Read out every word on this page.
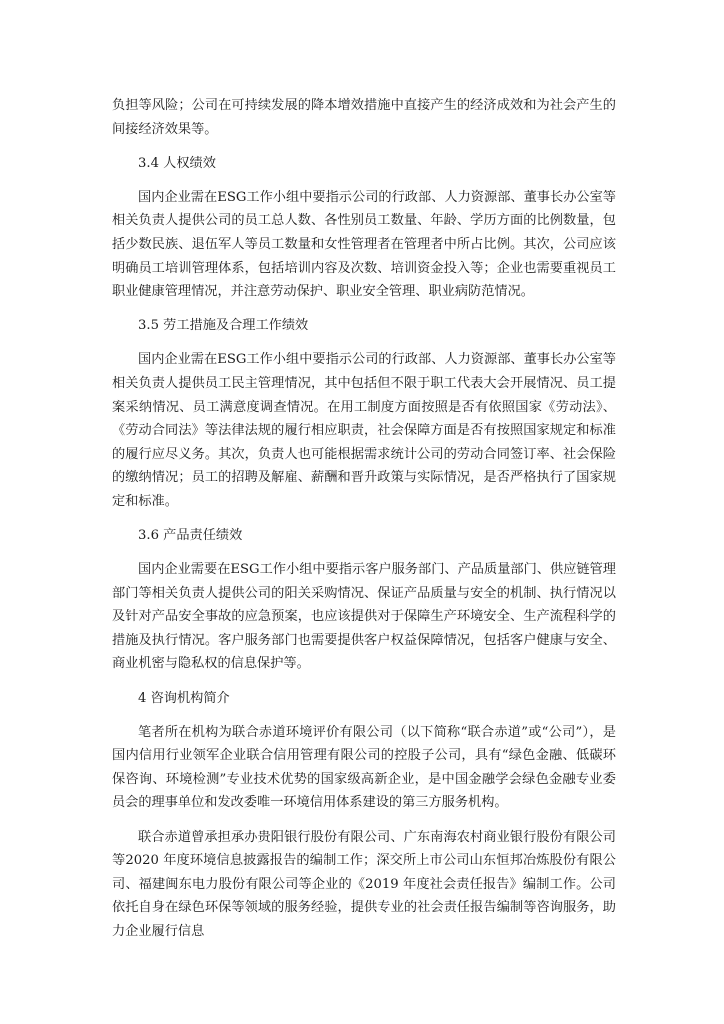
负担等风险；公司在可持续发展的降本增效措施中直接产生的经济成效和为社会产生的间接经济效果等。

3.4 人权绩效

国内企业需在ESG工作小组中要指示公司的行政部、人力资源部、董事长办公室等相关负责人提供公司的员工总人数、各性别员工数量、年龄、学历方面的比例数量，包括少数民族、退伍军人等员工数量和女性管理者在管理者中所占比例。其次，公司应该明确员工培训管理体系，包括培训内容及次数、培训资金投入等；企业也需要重视员工职业健康管理情况，并注意劳动保护、职业安全管理、职业病防范情况。

3.5 劳工措施及合理工作绩效

国内企业需在ESG工作小组中要指示公司的行政部、人力资源部、董事长办公室等相关负责人提供员工民主管理情况，其中包括但不限于职工代表大会开展情况、员工提案采纳情况、员工满意度调查情况。在用工制度方面按照是否有依照国家《劳动法》、《劳动合同法》等法律法规的履行相应职责，社会保障方面是否有按照国家规定和标准的履行应尽义务。其次，负责人也可能根据需求统计公司的劳动合同签订率、社会保险的缴纳情况；员工的招聘及解雇、薪酬和晋升政策与实际情况，是否严格执行了国家规定和标准。

3.6 产品责任绩效

国内企业需要在ESG工作小组中要指示客户服务部门、产品质量部门、供应链管理部门等相关负责人提供公司的阳关采购情况、保证产品质量与安全的机制、执行情况以及针对产品安全事故的应急预案，也应该提供对于保障生产环境安全、生产流程科学的措施及执行情况。客户服务部门也需要提供客户权益保障情况，包括客户健康与安全、商业机密与隐私权的信息保护等。

4 咨询机构简介

笔者所在机构为联合赤道环境评价有限公司（以下简称“联合赤道”或“公司”），是国内信用行业领军企业联合信用管理有限公司的控股子公司，具有“绿色金融、低碳环保咨询、环境检测”专业技术优势的国家级高新企业，是中国金融学会绿色金融专业委员会的理事单位和发改委唯一环境信用体系建设的第三方服务机构。

联合赤道曾承担承办贵阳银行股份有限公司、广东南海农村商业银行股份有限公司等2020 年度环境信息披露报告的编制工作；深交所上市公司山东恒邦冶炼股份有限公司、福建闽东电力股份有限公司等企业的《2019 年度社会责任报告》编制工作。公司依托自身在绿色环保等领域的服务经验，提供专业的社会责任报告编制等咨询服务，助力企业履行信息
